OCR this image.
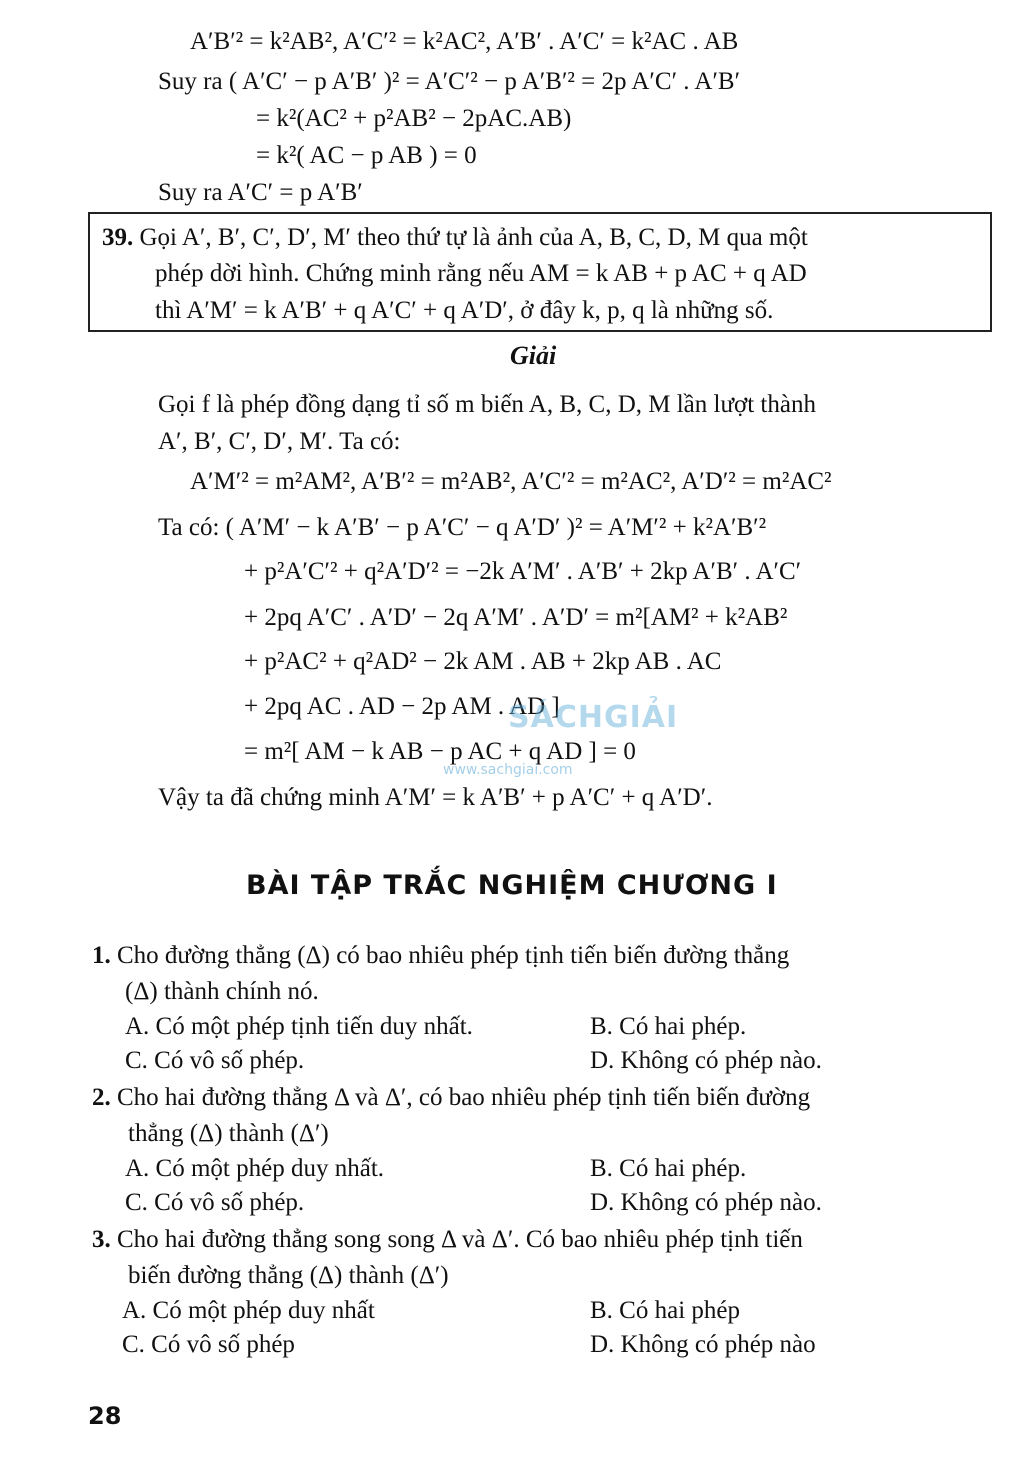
A′B′² = k²AB², A′C′² = k²AC², A′B′ . A′C′ = k²AC . AB
Suy ra ( A′C′ − p A′B′ )² = A′C′² − p A′B′² = 2p A′C′ . A′B′
= k²(AC² + p²AB² − 2pAC.AB)
= k²( AC − p AB ) = 0
Suy ra A′C′ = p A′B′
39. Gọi A′, B′, C′, D′, M′ theo thứ tự là ảnh của A, B, C, D, M qua một
phép dời hình. Chứng minh rằng nếu AM = k AB + p AC + q AD
thì A′M′ = k A′B′ + q A′C′ + q A′D′, ở đây k, p, q là những số.
Giải
Gọi f là phép đồng dạng tỉ số m biến A, B, C, D, M lần lượt thành
A′, B′, C′, D′, M′. Ta có:
A′M′² = m²AM², A′B′² = m²AB², A′C′² = m²AC², A′D′² = m²AC²
Ta có: ( A′M′ − k A′B′ − p A′C′ − q A′D′ )² = A′M′² + k²A′B′²
+ p²A′C′² + q²A′D′² = −2k A′M′ . A′B′ + 2kp A′B′ . A′C′
+ 2pq A′C′ . A′D′ − 2q A′M′ . A′D′ = m²[AM² + k²AB²
+ p²AC² + q²AD² − 2k AM . AB + 2kp AB . AC
+ 2pq AC . AD − 2p AM . AD ]
= m²[ AM − k AB − p AC + q AD ] = 0
Vậy ta đã chứng minh A′M′ = k A′B′ + p A′C′ + q A′D′.
SÁCHGIẢI
www.sachgiai.com
BÀI TẬP TRẮC NGHIỆM CHƯƠNG I
1. Cho đường thẳng (Δ) có bao nhiêu phép tịnh tiến biến đường thẳng
(Δ) thành chính nó.
A. Có một phép tịnh tiến duy nhất.	B. Có hai phép.
C. Có vô số phép.	D. Không có phép nào.
2. Cho hai đường thẳng Δ và Δ′, có bao nhiêu phép tịnh tiến biến đường
thẳng (Δ) thành (Δ′)
A. Có một phép duy nhất.	B. Có hai phép.
C. Có vô số phép.	D. Không có phép nào.
3. Cho hai đường thẳng song song Δ và Δ′. Có bao nhiêu phép tịnh tiến
biến đường thẳng (Δ) thành (Δ′)
A. Có một phép duy nhất	B. Có hai phép
C. Có vô số phép	D. Không có phép nào
28
